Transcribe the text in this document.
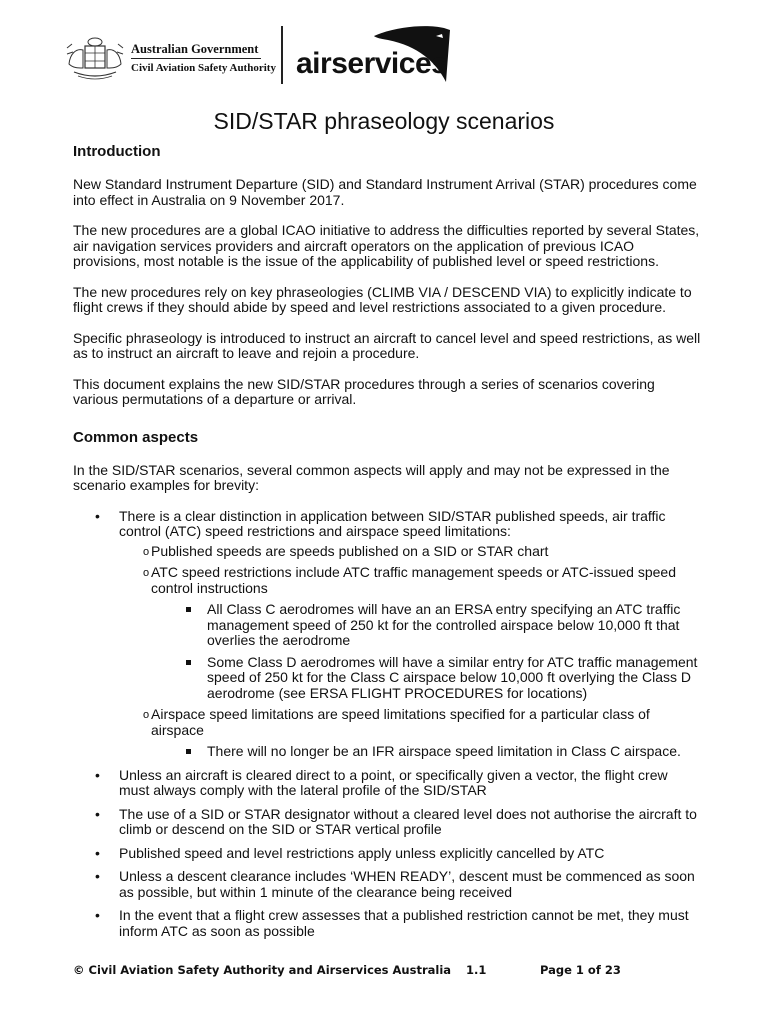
Australian Government
Civil Aviation Safety Authority airservices
SID/STAR phraseology scenarios
Introduction

New Standard Instrument Departure (SID) and Standard Instrument Arrival (STAR) procedures come into effect in Australia on 9 November 2017.

The new procedures are a global ICAO initiative to address the difficulties reported by several States, air navigation services providers and aircraft operators on the application of previous ICAO provisions, most notable is the issue of the applicability of published level or speed restrictions.

The new procedures rely on key phraseologies (CLIMB VIA / DESCEND VIA) to explicitly indicate to flight crews if they should abide by speed and level restrictions associated to a given procedure.

Specific phraseology is introduced to instruct an aircraft to cancel level and speed restrictions, as well as to instruct an aircraft to leave and rejoin a procedure.

This document explains the new SID/STAR procedures through a series of scenarios covering various permutations of a departure or arrival.

Common aspects

In the SID/STAR scenarios, several common aspects will apply and may not be expressed in the scenario examples for brevity:

• There is a clear distinction in application between SID/STAR published speeds, air traffic control (ATC) speed restrictions and airspace speed limitations:
o Published speeds are speeds published on a SID or STAR chart
o ATC speed restrictions include ATC traffic management speeds or ATC-issued speed control instructions
All Class C aerodromes will have an an ERSA entry specifying an ATC traffic management speed of 250 kt for the controlled airspace below 10,000 ft that overlies the aerodrome
Some Class D aerodromes will have a similar entry for ATC traffic management speed of 250 kt for the Class C airspace below 10,000 ft overlying the Class D aerodrome (see ERSA FLIGHT PROCEDURES for locations)
o Airspace speed limitations are speed limitations specified for a particular class of airspace
There will no longer be an IFR airspace speed limitation in Class C airspace.
• Unless an aircraft is cleared direct to a point, or specifically given a vector, the flight crew must always comply with the lateral profile of the SID/STAR
• The use of a SID or STAR designator without a cleared level does not authorise the aircraft to climb or descend on the SID or STAR vertical profile
• Published speed and level restrictions apply unless explicitly cancelled by ATC
• Unless a descent clearance includes ‘WHEN READY’, descent must be commenced as soon as possible, but within 1 minute of the clearance being received
• In the event that a flight crew assesses that a published restriction cannot be met, they must inform ATC as soon as possible
© Civil Aviation Safety Authority and Airservices Australia 1.1	Page 1 of 23
